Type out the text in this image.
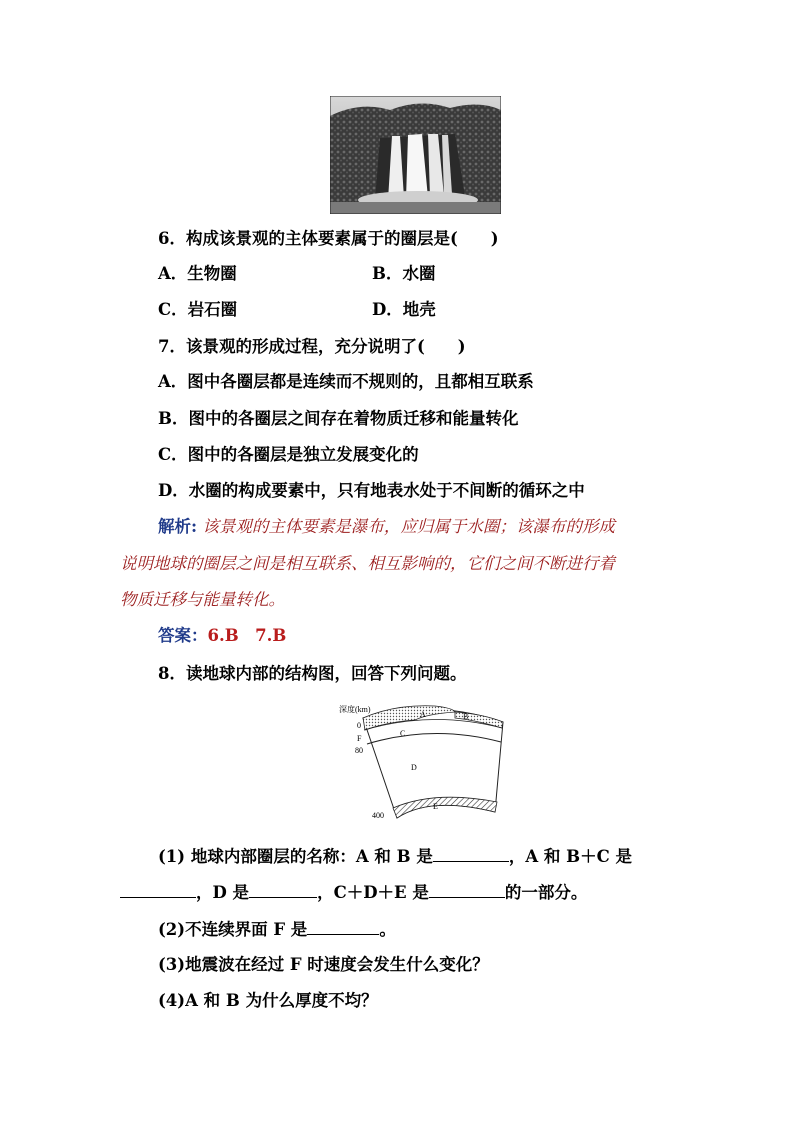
6．构成该景观的主体要素属于的圈层是(　　)
A．生物圈	B．水圈
C．岩石圈	D．地壳
7．该景观的形成过程，充分说明了(　　)
A．图中各圈层都是连续而不规则的，且都相互联系
B．图中的各圈层之间存在着物质迁移和能量转化
C．图中的各圈层是独立发展变化的
D．水圈的构成要素中，只有地表水处于不间断的循环之中
解析: 该景观的主体要素是瀑布，应归属于水圈；该瀑布的形成
说明地球的圈层之间是相互联系、相互影响的，它们之间不断进行着
物质迁移与能量转化。
答案：6.B　7.B
8．读地球内部的结构图，回答下列问题。
深度(km)
0
F
80
400
A	B
C
D
E
(1) 地球内部圈层的名称：A 和 B 是	，A 和 B＋C 是
，D 是	，C＋D＋E 是	的一部分。
(2)不连续界面 F 是	。
(3)地震波在经过 F 时速度会发生什么变化？
(4)A 和 B 为什么厚度不均？
